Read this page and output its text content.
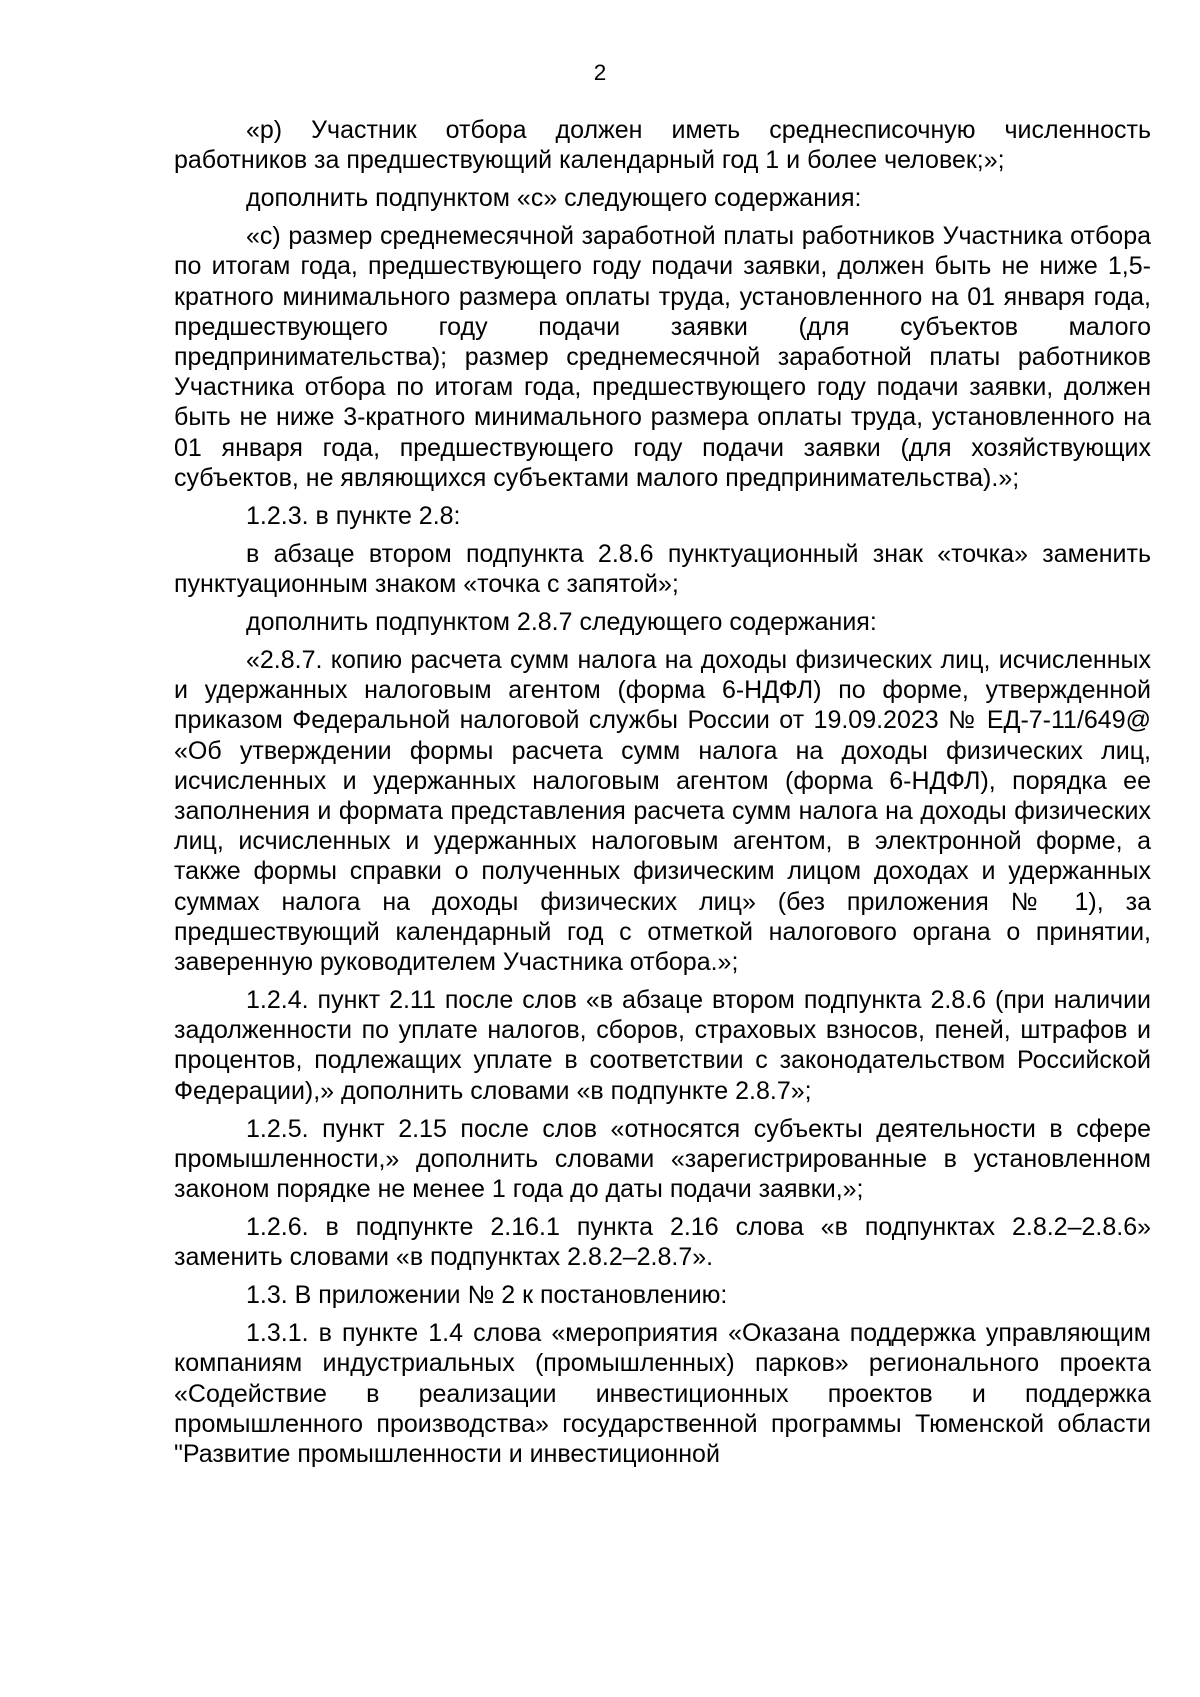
2

«р) Участник отбора должен иметь среднесписочную численность работников за предшествующий календарный год 1 и более человек;»;

дополнить подпунктом «с» следующего содержания:

«с) размер среднемесячной заработной платы работников Участника отбора по итогам года, предшествующего году подачи заявки, должен быть не ниже 1,5-кратного минимального размера оплаты труда, установленного на 01 января года, предшествующего году подачи заявки (для субъектов малого предпринимательства); размер среднемесячной заработной платы работников Участника отбора по итогам года, предшествующего году подачи заявки, должен быть не ниже 3-кратного минимального размера оплаты труда, установленного на 01 января года, предшествующего году подачи заявки (для хозяйствующих субъектов, не являющихся субъектами малого предпринимательства).»;

1.2.3. в пункте 2.8:

в абзаце втором подпункта 2.8.6 пунктуационный знак «точка» заменить пунктуационным знаком «точка с запятой»;

дополнить подпунктом 2.8.7 следующего содержания:

«2.8.7. копию расчета сумм налога на доходы физических лиц, исчисленных и удержанных налоговым агентом (форма 6-НДФЛ) по форме, утвержденной приказом Федеральной налоговой службы России от 19.09.2023 № ЕД-7-11/649@ «Об утверждении формы расчета сумм налога на доходы физических лиц, исчисленных и удержанных налоговым агентом (форма 6-НДФЛ), порядка ее заполнения и формата представления расчета сумм налога на доходы физических лиц, исчисленных и удержанных налоговым агентом, в электронной форме, а также формы справки о полученных физическим лицом доходах и удержанных суммах налога на доходы физических лиц» (без приложения № 1), за предшествующий календарный год с отметкой налогового органа о принятии, заверенную руководителем Участника отбора.»;

1.2.4. пункт 2.11 после слов «в абзаце втором подпункта 2.8.6 (при наличии задолженности по уплате налогов, сборов, страховых взносов, пеней, штрафов и процентов, подлежащих уплате в соответствии с законодательством Российской Федерации),» дополнить словами «в подпункте 2.8.7»;

1.2.5. пункт 2.15 после слов «относятся субъекты деятельности в сфере промышленности,» дополнить словами «зарегистрированные в установленном законом порядке не менее 1 года до даты подачи заявки,»;

1.2.6. в подпункте 2.16.1 пункта 2.16 слова «в подпунктах 2.8.2–2.8.6» заменить словами «в подпунктах 2.8.2–2.8.7».

1.3. В приложении № 2 к постановлению:

1.3.1. в пункте 1.4 слова «мероприятия «Оказана поддержка управляющим компаниям индустриальных (промышленных) парков» регионального проекта «Содействие в реализации инвестиционных проектов и поддержка промышленного производства» государственной программы Тюменской области "Развитие промышленности и инвестиционной
